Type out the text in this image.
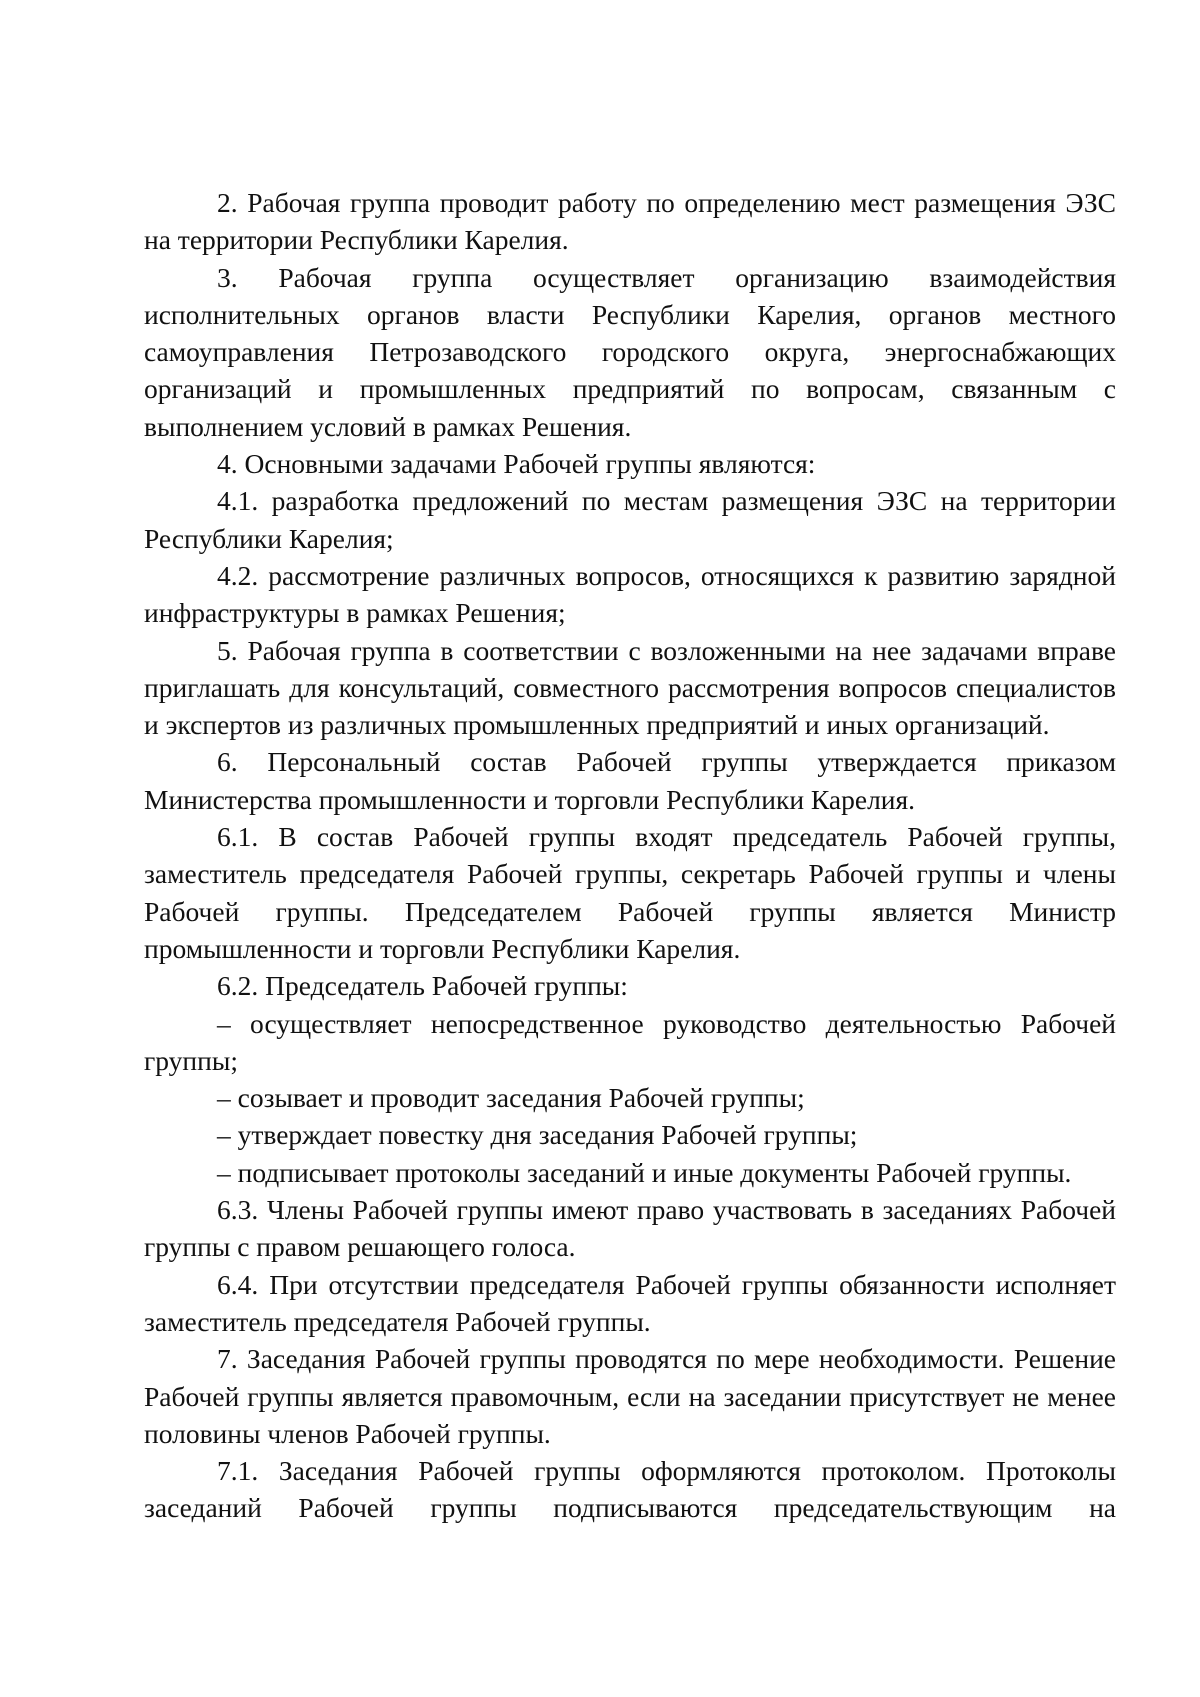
2. Рабочая группа проводит работу по определению мест размещения ЭЗС на территории Республики Карелия.

3. Рабочая группа осуществляет организацию взаимодействия исполнительных органов власти Республики Карелия, органов местного самоуправления Петрозаводского городского округа, энергоснабжающих организаций и промышленных предприятий по вопросам, связанным с выполнением условий в рамках Решения.

4. Основными задачами Рабочей группы являются:

4.1. разработка предложений по местам размещения ЭЗС на территории Республики Карелия;

4.2. рассмотрение различных вопросов, относящихся к развитию зарядной инфраструктуры в рамках Решения;

5. Рабочая группа в соответствии с возложенными на нее задачами вправе приглашать для консультаций, совместного рассмотрения вопросов специалистов и экспертов из различных промышленных предприятий и иных организаций.

6. Персональный состав Рабочей группы утверждается приказом Министерства промышленности и торговли Республики Карелия.

6.1. В состав Рабочей группы входят председатель Рабочей группы, заместитель председателя Рабочей группы, секретарь Рабочей группы и члены Рабочей группы. Председателем Рабочей группы является Министр промышленности и торговли Республики Карелия.

6.2. Председатель Рабочей группы:

– осуществляет непосредственное руководство деятельностью Рабочей группы;

– созывает и проводит заседания Рабочей группы;

– утверждает повестку дня заседания Рабочей группы;

– подписывает протоколы заседаний и иные документы Рабочей группы.

6.3. Члены Рабочей группы имеют право участвовать в заседаниях Рабочей группы с правом решающего голоса.

6.4. При отсутствии председателя Рабочей группы обязанности исполняет заместитель председателя Рабочей группы.

7. Заседания Рабочей группы проводятся по мере необходимости. Решение Рабочей группы является правомочным, если на заседании присутствует не менее половины членов Рабочей группы.

7.1. Заседания Рабочей группы оформляются протоколом. Протоколы заседаний Рабочей группы подписываются председательствующим на
